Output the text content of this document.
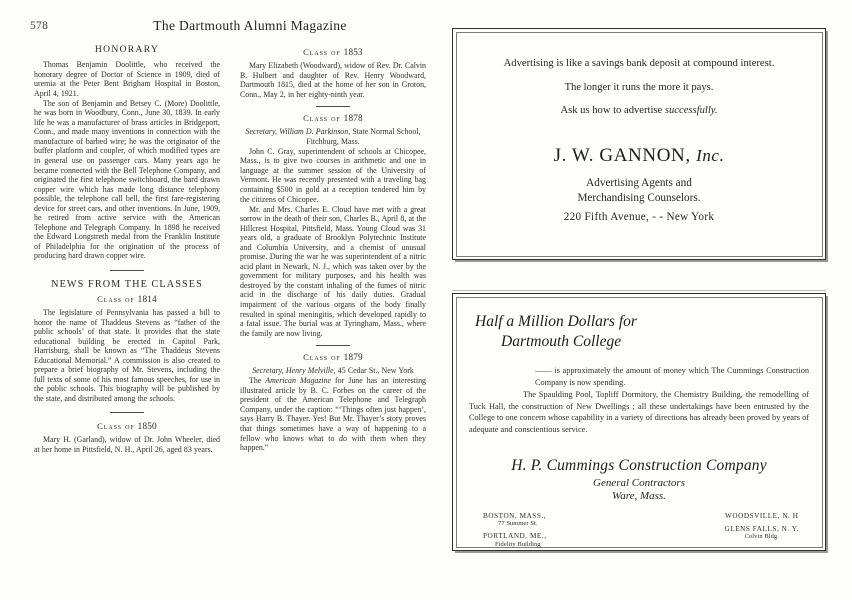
578	The Dartmouth Alumni Magazine
HONORARY

Thomas Benjamin Doolittle, who received the honorary degree of Doctor of Science in 1909, died of uremia at the Peter Bent Brigham Hospital in Boston, April 4, 1921.

The son of Benjamin and Betsey C. (More) Doolittle, he was born in Woodbury, Conn., June 30, 1839. In early life he was a manufacturer of brass articles in Bridgeport, Conn., and made many inventions in connection with the manufacture of barbed wire; he was the originator of the buffer platform and coupler, of which modified types are in general use on passenger cars. Many years ago he became connected with the Bell Telephone Company, and originated the first telephone switchboard, the hard drawn copper wire which has made long distance telephony possible, the telephone call bell, the first fare-registering device for street cars, and other inventions. In June, 1909, he retired from active service with the American Telephone and Telegraph Company. In 1898 he received the Edward Longstreth medal from the Franklin Institute of Philadelphia for the origination of the process of producing hard drawn copper wire.

NEWS FROM THE CLASSES
Class of 1814

The legislature of Pennsylvania has passed a bill to honor the name of Thaddeus Stevens as “father of the public schools’ of that state. It provides that the state educational building be erected in Capitol Park, Harrisburg, shall be known as “The Thaddeus Stevens Educational Memorial.” A commission is also created to prepare a brief biography of Mr. Stevens, including the full texts of some of his most famous speeches, for use in the public schools. This biography will be published by the state, and distributed among the schools.

Class of 1850

Mary H. (Garland), widow of Dr. John Wheeler, died at her home in Pittsfield, N. H., April 26, aged 83 years.

Class of 1853

Mary Elizabeth (Woodward), widow of Rev. Dr. Calvin B. Hulbert and daughter of Rev. Henry Woodward, Dartmouth 1815, died at the home of her son in Groton, Conn., May 2, in her eighty-ninth year.

Class of 1878

Secretary, William D. Parkinson, State Normal School, Fitchburg, Mass.

John C. Gray, superintendent of schools at Chicopee, Mass., is to give two courses in arithmetic and one in language at the summer session of the University of Vermont. He was recently presented with a traveling bag containing $500 in gold at a reception tendered him by the citizens of Chicopee.

Mr. and Mrs. Charles E. Cloud have met with a great sorrow in the death of their son, Charles B., April 8, at the Hillcrest Hospital, Pittsfield, Mass. Young Cloud was 31 years old, a graduate of Brooklyn Polytechnic Institute and Columbia University, and a chemist of unusual promise. During the war he was superintendent of a nitric acid plant in Newark, N. J., which was taken over by the government for military purposes, and his health was destroyed by the constant inhaling of the fumes of nitric acid in the discharge of his daily duties. Gradual impairment of the various organs of the body finally resulted in spinal meningitis, which developed rapidly to a fatal issue. The burial was at Tyringham, Mass., where the family are now living.

Class of 1879

Secretary, Henry Melville, 45 Cedar St., New York

The American Magazine for June has an interesting illustrated article by B. C. Forbes on the career of the president of the American Telephone and Telegraph Company, under the caption: “‘Things often just happen’, says Harry B. Thayer. Yes! But Mr. Thayer’s story proves that things sometimes have a way of happening to a fellow who knows what to do with them when they happen.”

Advertising is like a savings bank deposit at compound interest.
The longer it runs the more it pays.
Ask us how to advertise successfully.
J. W. GANNON, Inc.
Advertising Agents and
Merchandising Counselors.
220 Fifth Avenue, - - New York
Half a Million Dollars for
Dartmouth College

—— is approximately the amount of money which The Cummings Construction Company is now spending.

The Spaulding Pool, Topliff Dormitory, the Chemistry Building, the remodelling of Tuck Hall, the construction of New Dwellings ; all these undertakings have been entrusted by the College to one concern whose capability in a variety of directions has already been proved by years of adequate and conscientious service.

H. P. Cummings Construction Company
General Contractors
Ware, Mass.
BOSTON, MASS.,
77 Summer St.
PORTLAND, ME.,
Fidelity Building
WOODSVILLE, N. H
GLENS FALLS, N. Y.
Colvin Bldg.
